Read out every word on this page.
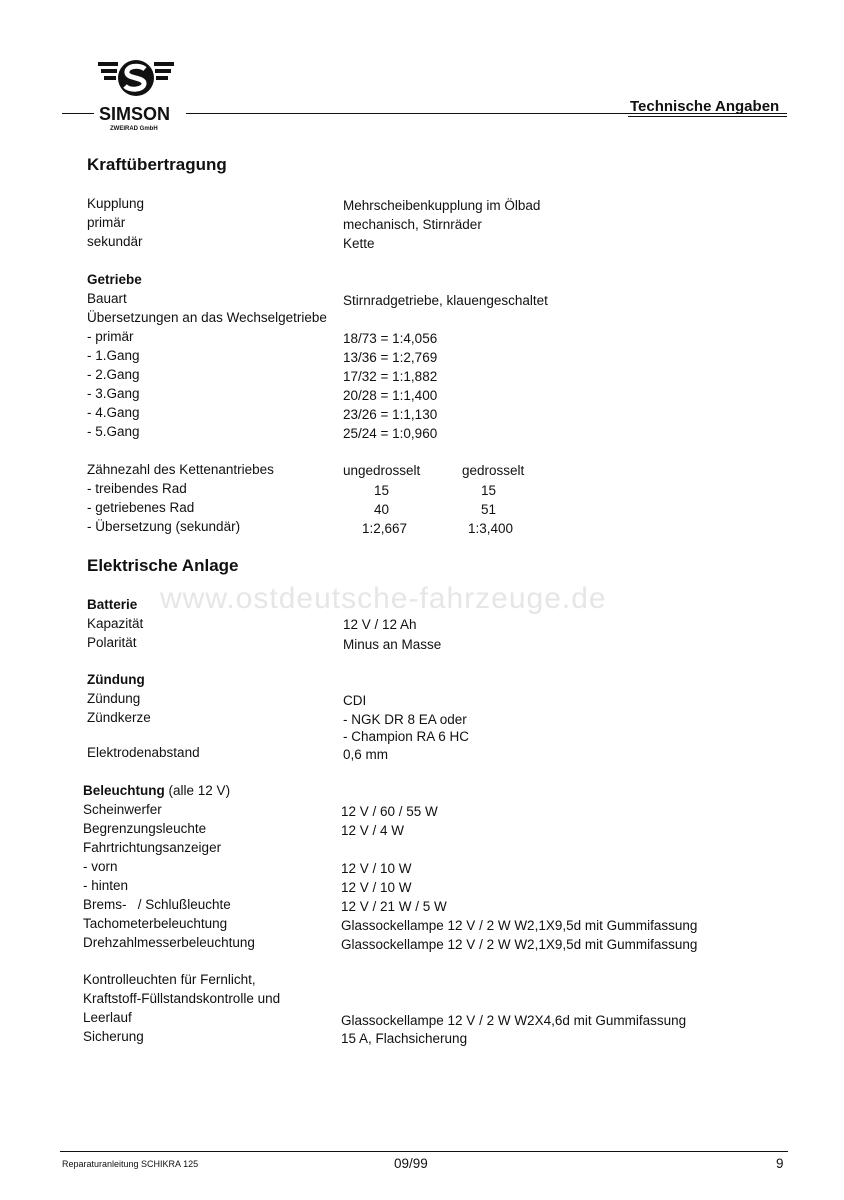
SIMSON
ZWEIRAD GmbH
Technische Angaben
www.ostdeutsche-fahrzeuge.de
Kraftübertragung
Kupplung	Mehrscheibenkupplung im Ölbad
primär	mechanisch, Stirnräder
sekundär	Kette
Getriebe
Bauart	Stirnradgetriebe, klauengeschaltet
Übersetzungen an das Wechselgetriebe
- primär	18/73 = 1:4,056
- 1.Gang	13/36 = 1:2,769
- 2.Gang	17/32 = 1:1,882
- 3.Gang	20/28 = 1:1,400
- 4.Gang	23/26 = 1:1,130
- 5.Gang	25/24 = 1:0,960
Zähnezahl des Kettenantriebes	ungedrosselt	gedrosselt
- treibendes Rad	15	15
- getriebenes Rad	40	51
- Übersetzung (sekundär)	1:2,667	1:3,400
Elektrische Anlage
Batterie
Kapazität	12 V / 12 Ah
Polarität	Minus an Masse
Zündung
Zündung	CDI
Zündkerze	- NGK DR 8 EA oder
- Champion RA 6 HC
Elektrodenabstand	0,6 mm
Beleuchtung (alle 12 V)
Scheinwerfer	12 V / 60 / 55 W
Begrenzungsleuchte	12 V / 4 W
Fahrtrichtungsanzeiger
- vorn	12 V / 10 W
- hinten	12 V / 10 W
Brems-   / Schlußleuchte	12 V / 21 W / 5 W
Tachometerbeleuchtung	Glassockellampe 12 V / 2 W W2,1X9,5d mit Gummifassung
Drehzahlmesserbeleuchtung	Glassockellampe 12 V / 2 W W2,1X9,5d mit Gummifassung
Kontrolleuchten für Fernlicht,
Kraftstoff-Füllstandskontrolle und
Leerlauf	Glassockellampe 12 V / 2 W W2X4,6d mit Gummifassung
Sicherung	15 A, Flachsicherung
Reparaturanleitung SCHIKRA 125	09/99	9
